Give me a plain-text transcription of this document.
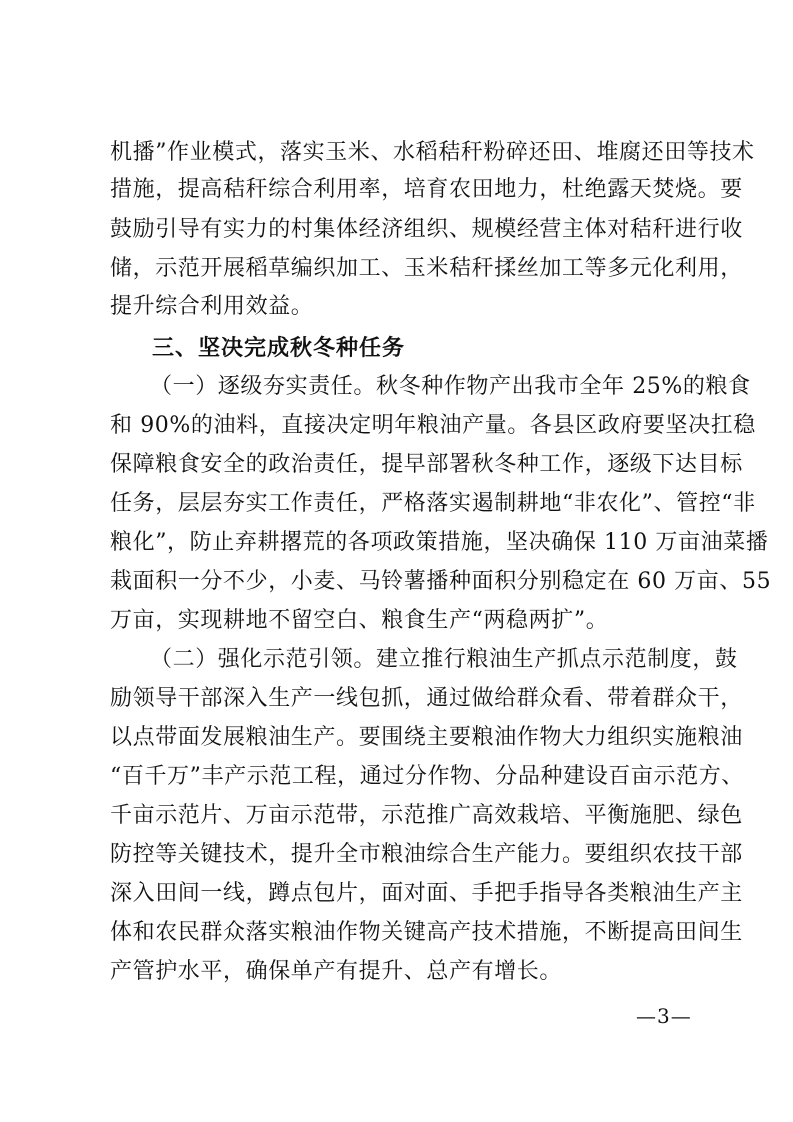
机播”作业模式，落实玉米、水稻秸秆粉碎还田、堆腐还田等技术
措施，提高秸秆综合利用率，培育农田地力，杜绝露天焚烧。要
鼓励引导有实力的村集体经济组织、规模经营主体对秸秆进行收
储，示范开展稻草编织加工、玉米秸秆揉丝加工等多元化利用，
提升综合利用效益。
三、坚决完成秋冬种任务
（一）逐级夯实责任。秋冬种作物产出我市全年 25%的粮食
和 90%的油料，直接决定明年粮油产量。各县区政府要坚决扛稳
保障粮食安全的政治责任，提早部署秋冬种工作，逐级下达目标
任务，层层夯实工作责任，严格落实遏制耕地“非农化”、管控“非
粮化”，防止弃耕撂荒的各项政策措施，坚决确保 110 万亩油菜播
栽面积一分不少，小麦、马铃薯播种面积分别稳定在 60 万亩、55
万亩，实现耕地不留空白、粮食生产“两稳两扩”。
（二）强化示范引领。建立推行粮油生产抓点示范制度，鼓
励领导干部深入生产一线包抓，通过做给群众看、带着群众干，
以点带面发展粮油生产。要围绕主要粮油作物大力组织实施粮油
“百千万”丰产示范工程，通过分作物、分品种建设百亩示范方、
千亩示范片、万亩示范带，示范推广高效栽培、平衡施肥、绿色
防控等关键技术，提升全市粮油综合生产能力。要组织农技干部
深入田间一线，蹲点包片，面对面、手把手指导各类粮油生产主
体和农民群众落实粮油作物关键高产技术措施，不断提高田间生
产管护水平，确保单产有提升、总产有增长。
—3—
